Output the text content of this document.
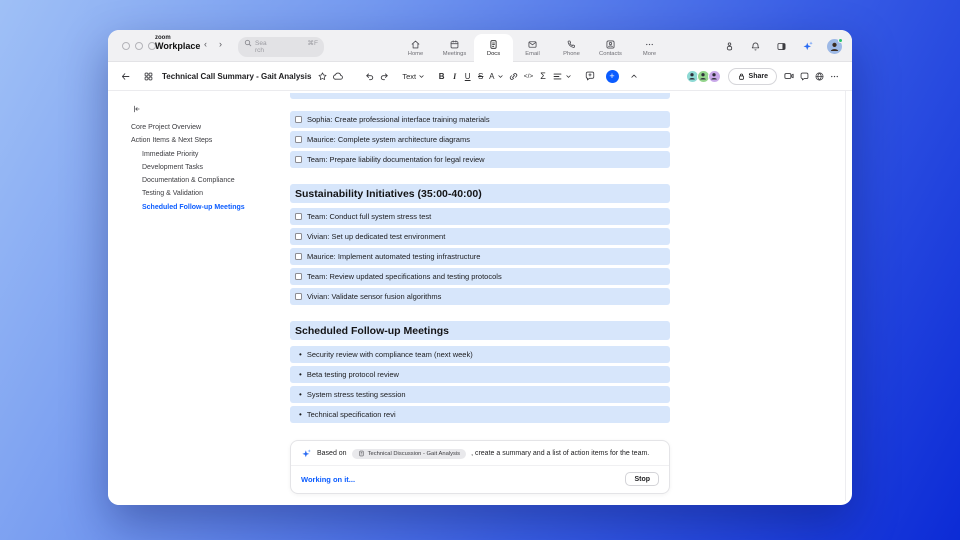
zoom
Workplace ‹ ›	Sea	⌘F
rch	Home	Meetings	Docs	Email	Phone	Contacts	More
Technical Call Summary - Gait Analysis	Text	B	I	U S A	</> Σ	+	Share
Core Project Overview
Action Items & Next Steps
Immediate Priority
Development Tasks
Documentation & Compliance
Testing & Validation
Scheduled Follow-up Meetings
Sophia: Create professional interface training materials
Maurice: Complete system architecture diagrams
Team: Prepare liability documentation for legal review
Sustainability Initiatives (35:00-40:00)
Team: Conduct full system stress test
Vivian: Set up dedicated test environment
Maurice: Implement automated testing infrastructure
Team: Review updated specifications and testing protocols
Vivian: Validate sensor fusion algorithms
Scheduled Follow-up Meetings
• Security review with compliance team (next week)
• Beta testing protocol review
• System stress testing session
• Technical specification revi
Based on	Technical Discussion - Gait Analysis , create a summary and a list of action items for the team.
Working on it...	Stop
